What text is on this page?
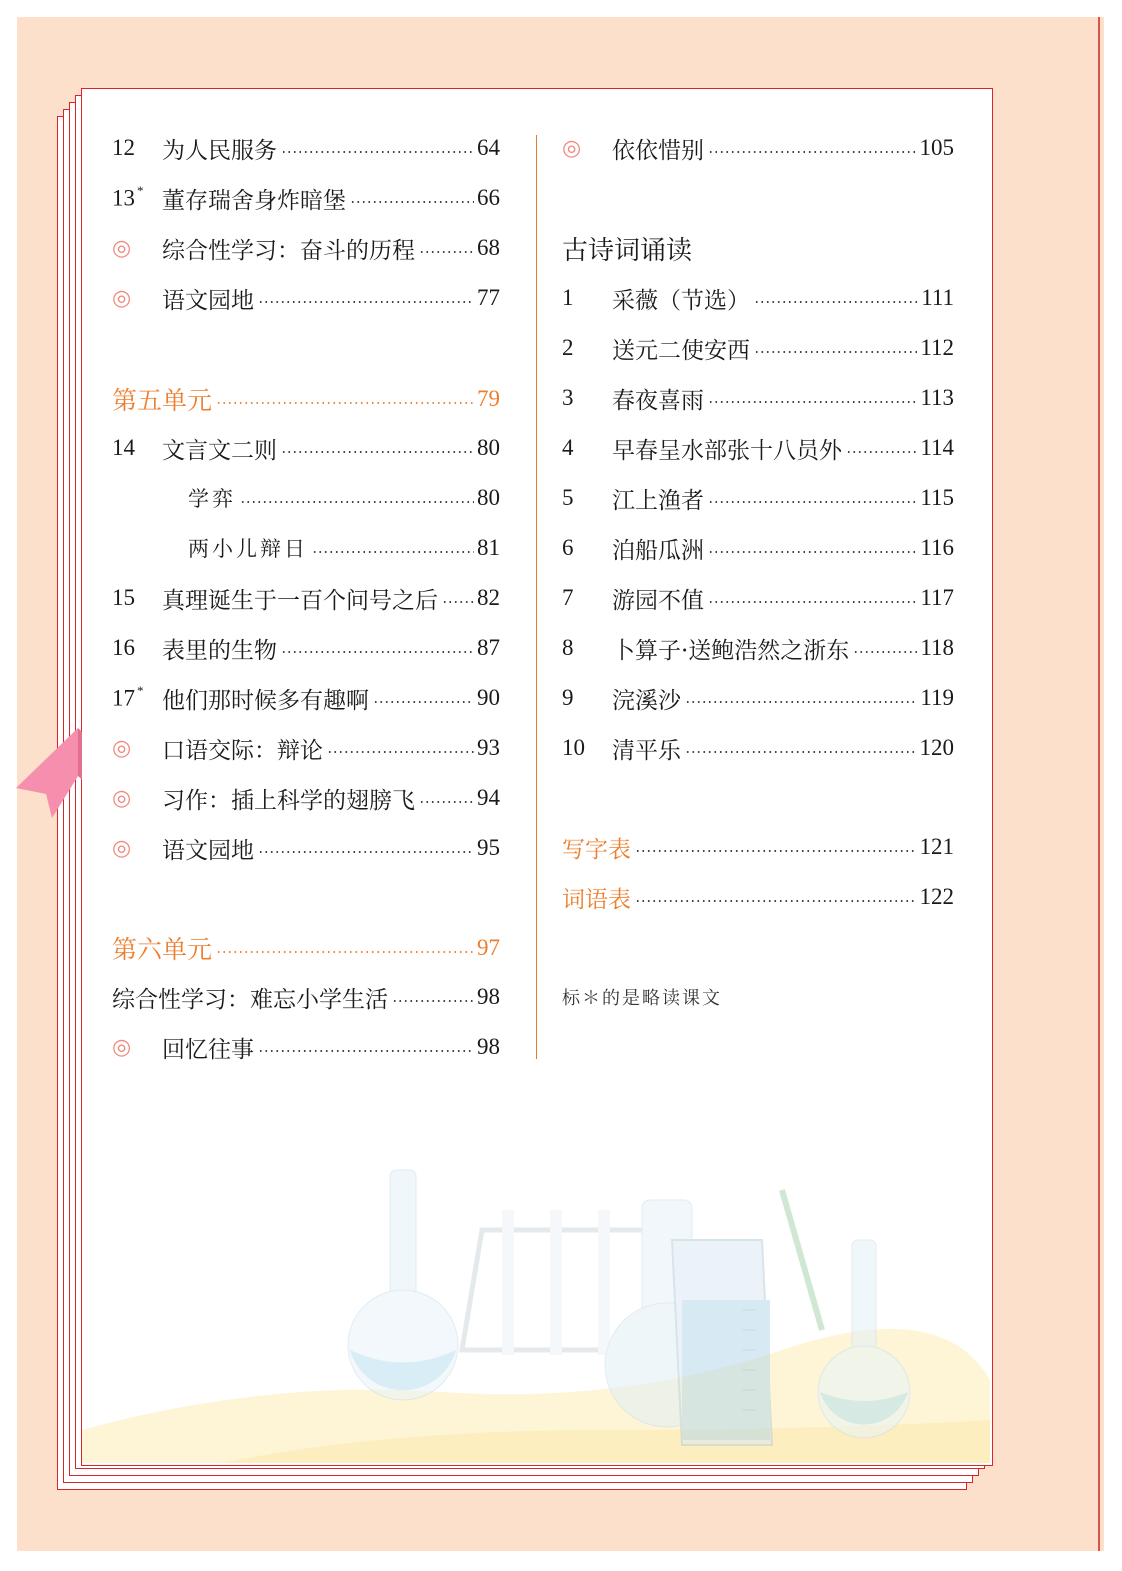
12	为人民服务	64
13 * 董存瑞舍身炸暗堡	66
◎	综合性学习：奋斗的历程	68
◎	语文园地	77
第五单元	79
14	文言文二则	80
学弈	80
两小儿辩日	81
15	真理诞生于一百个问号之后 82
16	表里的生物	87
17 * 他们那时候多有趣啊	90
◎	口语交际：辩论	93
◎	习作：插上科学的翅膀飞	94
◎	语文园地	95
第六单元	97
综合性学习：难忘小学生活	98
◎	回忆往事	98
◎	依依惜别	105
古诗词诵读
1	采薇（节选）	111
2	送元二使安西	112
3	春夜喜雨	113
4	早春呈水部张十八员外	114
5	江上渔者	115
6	泊船瓜洲	116
7	游园不值	117
8	卜算子·送鲍浩然之浙东	118
9	浣溪沙	119
10	清平乐	120
写字表	121
词语表	122
标＊的是略读课文
